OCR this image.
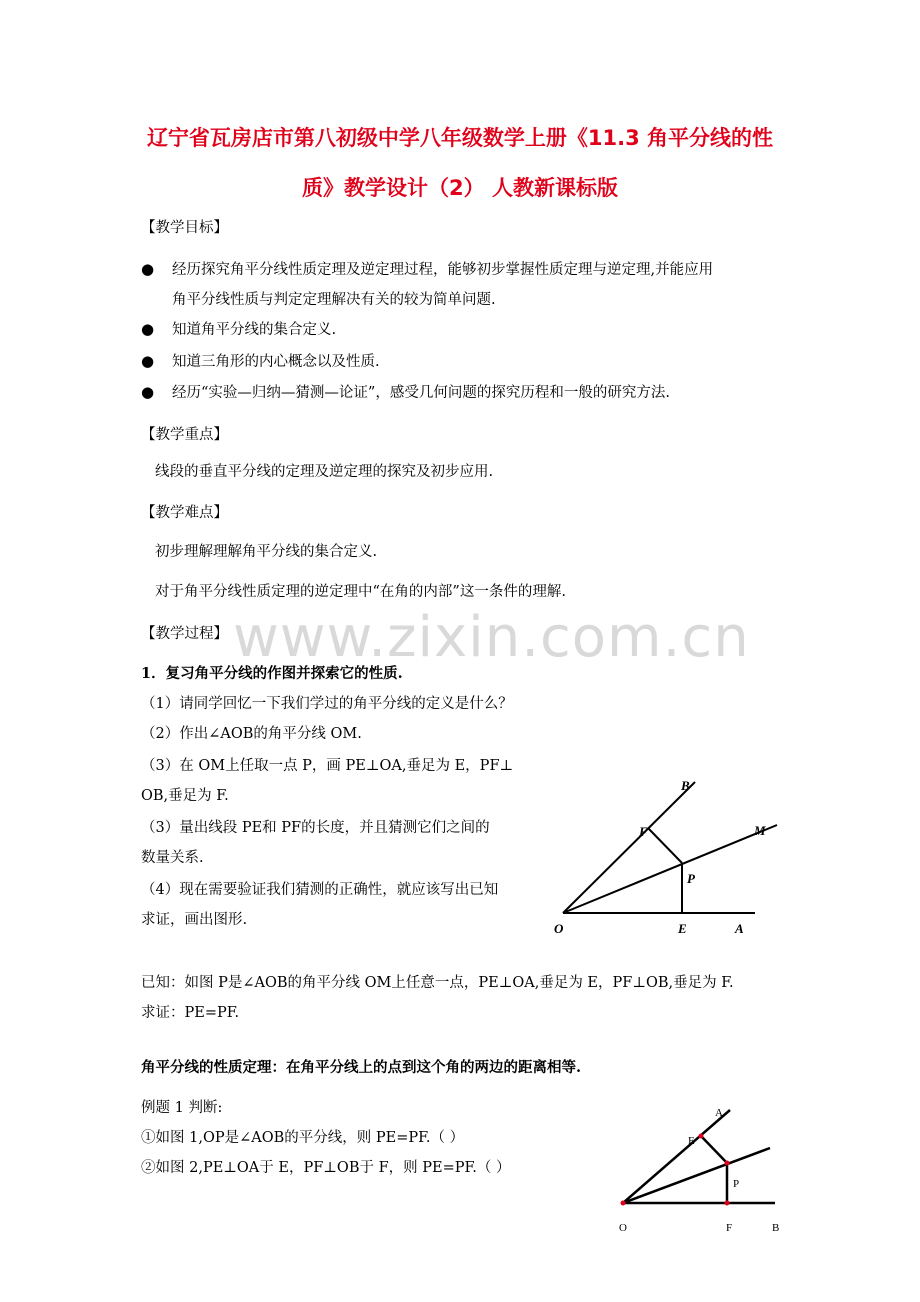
辽宁省瓦房店市第八初级中学八年级数学上册《11.3 角平分线的性
质》教学设计（2） 人教新课标版
【教学目标】
● 经历探究角平分线性质定理及逆定理过程，能够初步掌握性质定理与逆定理,并能应用
角平分线性质与判定定理解决有关的较为简单问题.
● 知道角平分线的集合定义.
● 知道三角形的内心概念以及性质.
● 经历“实验—归纳—猜测—论证”，感受几何问题的探究历程和一般的研究方法.
【教学重点】
线段的垂直平分线的定理及逆定理的探究及初步应用.
【教学难点】
初步理解理解角平分线的集合定义.
对于角平分线性质定理的逆定理中“在角的内部”这一条件的理解.
www.zixin.com.cn
【教学过程】
1．复习角平分线的作图并探索它的性质.
（1）请同学回忆一下我们学过的角平分线的定义是什么？
（2）作出∠AOB的角平分线 OM.
（3）在 OM上任取一点 P，画 PE⊥OA,垂足为 E，PF⊥
OB,垂足为 F.
（3）量出线段 PE和 PF的长度，并且猜测它们之间的
数量关系.
（4）现在需要验证我们猜测的正确性，就应该写出已知
求证，画出图形.
B
F	M
P
O	E	A
已知：如图 P是∠AOB的角平分线 OM上任意一点，PE⊥OA,垂足为 E，PF⊥OB,垂足为 F.
求证：PE=PF.
角平分线的性质定理：在角平分线上的点到这个角的两边的距离相等.
例题 1 判断:
①如图 1,OP是∠AOB的平分线，则 PE=PF.（ ）
②如图 2,PE⊥OA于 E，PF⊥OB于 F，则 PE=PF.（ ）
A
E
P
O	F	B
